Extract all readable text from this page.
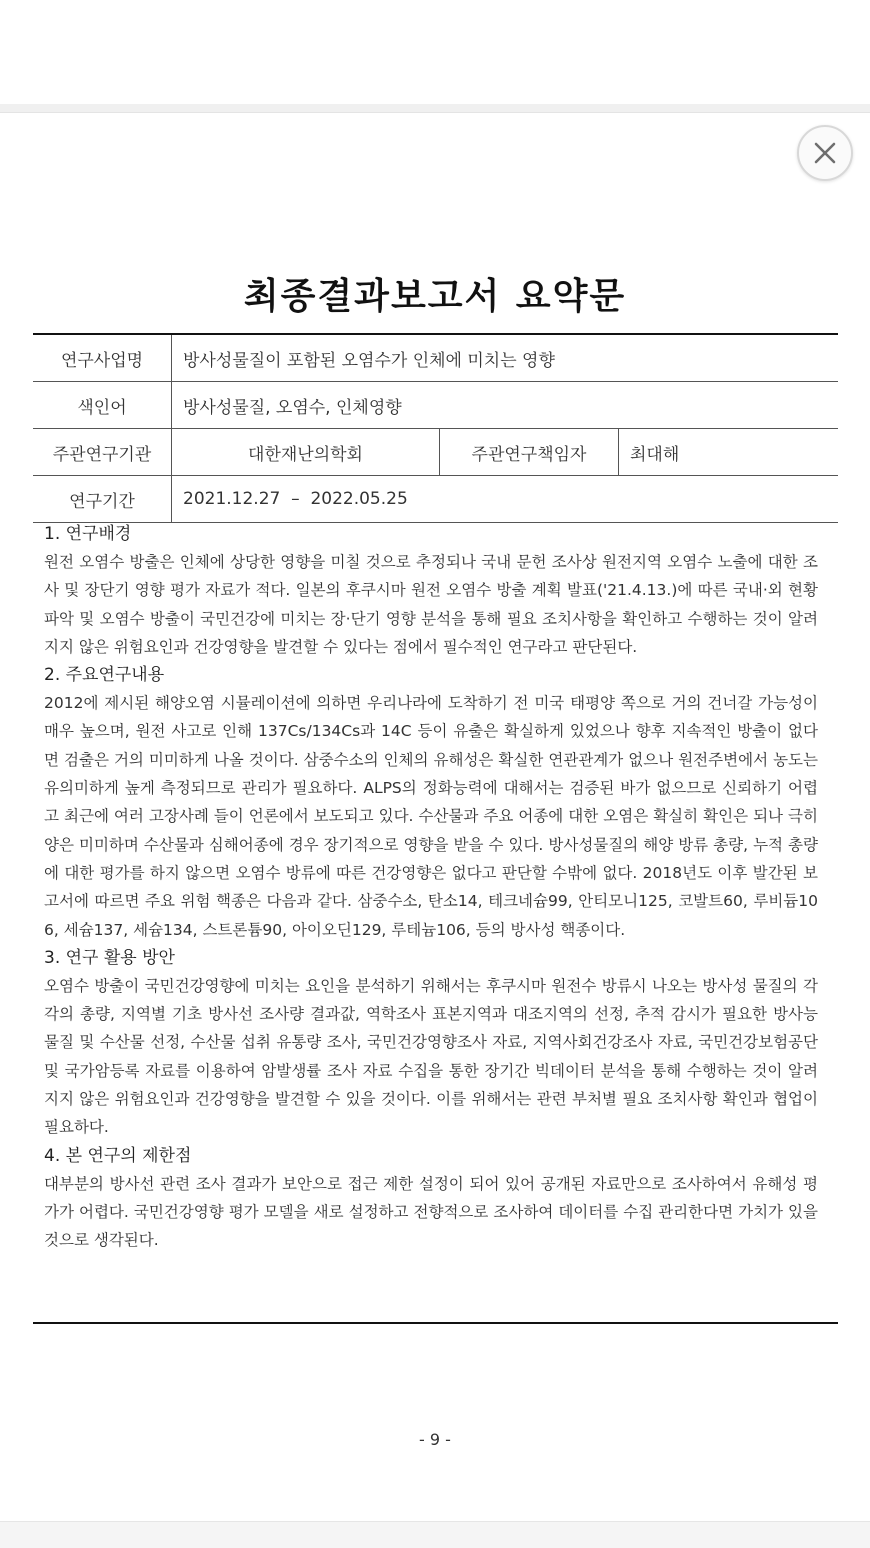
최종결과보고서 요약문
연구사업명	방사성물질이 포함된 오염수가 인체에 미치는 영향		
색인어	방사성물질, 오염수, 인체영향		
주관연구기관	대한재난의학회	주관연구책임자	최대해
연구기간	2021.12.27  –  2022.05.25		
1. 연구배경
원전 오염수 방출은 인체에 상당한 영향을 미칠 것으로 추정되나 국내 문헌 조사상 원전지역 오염수 노출에 대한 조사 및 장단기 영향 평가 자료가 적다. 일본의 후쿠시마 원전 오염수 방출 계획 발표('21.4.13.)에 따른 국내·외 현황 파악 및 오염수 방출이 국민건강에 미치는 장·단기 영향 분석을 통해 필요 조치사항을 확인하고 수행하는 것이 알려지지 않은 위험요인과 건강영향을 발견할 수 있다는 점에서 필수적인 연구라고 판단된다.
2. 주요연구내용
2012에 제시된 해양오염 시뮬레이션에 의하면 우리나라에 도착하기 전 미국 태평양 쪽으로 거의 건너갈 가능성이 매우 높으며, 원전 사고로 인해 137Cs/134Cs과 14C 등이 유출은 확실하게 있었으나 향후 지속적인 방출이 없다면 검출은 거의 미미하게 나올 것이다. 삼중수소의 인체의 유해성은 확실한 연관관계가 없으나 원전주변에서 농도는 유의미하게 높게 측정되므로 관리가 필요하다. ALPS의 정화능력에 대해서는 검증된 바가 없으므로 신뢰하기 어렵고 최근에 여러 고장사례 들이 언론에서 보도되고 있다. 수산물과 주요 어종에 대한 오염은 확실히 확인은 되나 극히 양은 미미하며 수산물과 심해어종에 경우 장기적으로 영향을 받을 수 있다. 방사성물질의 해양 방류 총량, 누적 총량에 대한 평가를 하지 않으면 오염수 방류에 따른 건강영향은 없다고 판단할 수밖에 없다. 2018년도 이후 발간된 보고서에 따르면 주요 위험 핵종은 다음과 같다. 삼중수소, 탄소14, 테크네슘99, 안티모니125, 코발트60, 루비듐106, 세슘137, 세슘134, 스트론튬90, 아이오딘129, 루테늄106, 등의 방사성 핵종이다.
3. 연구 활용 방안
오염수 방출이 국민건강영향에 미치는 요인을 분석하기 위해서는 후쿠시마 원전수 방류시 나오는 방사성 물질의 각각의 총량, 지역별 기초 방사선 조사량 결과값, 역학조사 표본지역과 대조지역의 선정, 추적 감시가 필요한 방사능 물질 및 수산물 선정, 수산물 섭취 유통량 조사, 국민건강영향조사 자료, 지역사회건강조사 자료, 국민건강보험공단 및 국가암등록 자료를 이용하여 암발생률 조사 자료 수집을 통한 장기간 빅데이터 분석을 통해 수행하는 것이 알려지지 않은 위험요인과 건강영향을 발견할 수 있을 것이다. 이를 위해서는 관련 부처별 필요 조치사항 확인과 협업이 필요하다.
4. 본 연구의 제한점
대부분의 방사선 관련 조사 결과가 보안으로 접근 제한 설정이 되어 있어 공개된 자료만으로 조사하여서 유해성 평가가 어렵다. 국민건강영향 평가 모델을 새로 설정하고 전향적으로 조사하여 데이터를 수집 관리한다면 가치가 있을 것으로 생각된다.
- 9 -
